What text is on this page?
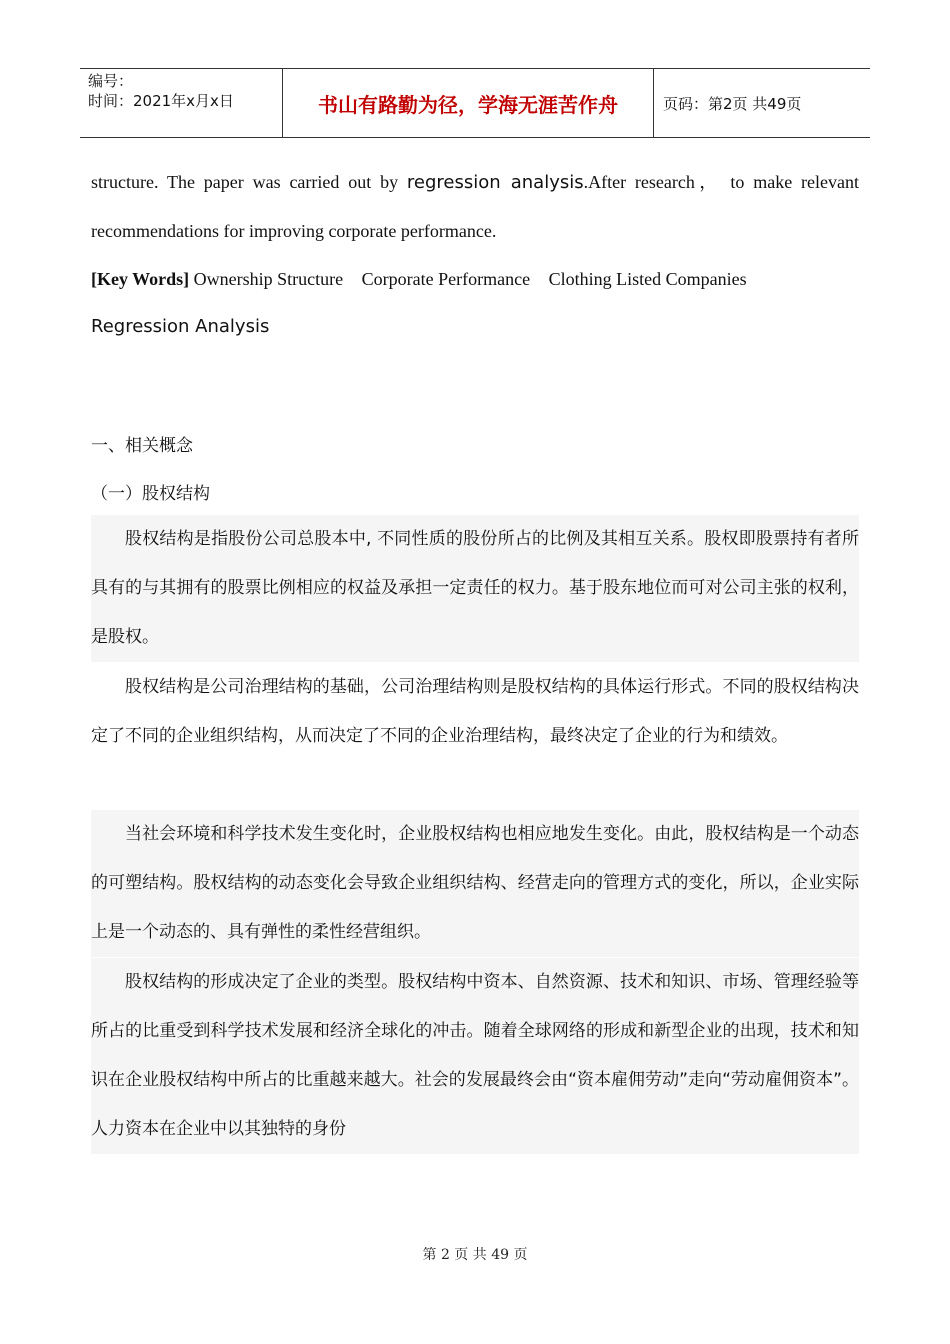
编号：
时间：2021年x月x日	书山有路勤为径，学海无涯苦作舟	页码：第2页 共49页
structure. The paper was carried out by regression analysis.After research， to make relevant
recommendations for improving corporate performance.
[Key Words] Ownership Structure Corporate Performance Clothing Listed Companies
Regression Analysis
一、相关概念
（一）股权结构
股权结构是指股份公司总股本中, 不同性质的股份所占的比例及其相互关系。股权即股票持有者所具有的与其拥有的股票比例相应的权益及承担一定责任的权力。基于股东地位而可对公司主张的权利，是股权。
股权结构是公司治理结构的基础，公司治理结构则是股权结构的具体运行形式。不同的股权结构决定了不同的企业组织结构，从而决定了不同的企业治理结构，最终决定了企业的行为和绩效。
当社会环境和科学技术发生变化时，企业股权结构也相应地发生变化。由此，股权结构是一个动态的可塑结构。股权结构的动态变化会导致企业组织结构、经营走向的管理方式的变化，所以，企业实际上是一个动态的、具有弹性的柔性经营组织。
股权结构的形成决定了企业的类型。股权结构中资本、自然资源、技术和知识、市场、管理经验等所占的比重受到科学技术发展和经济全球化的冲击。随着全球网络的形成和新型企业的出现，技术和知识在企业股权结构中所占的比重越来越大。社会的发展最终会由“资本雇佣劳动”走向“劳动雇佣资本”。人力资本在企业中以其独特的身份
第 2 页 共 49 页
